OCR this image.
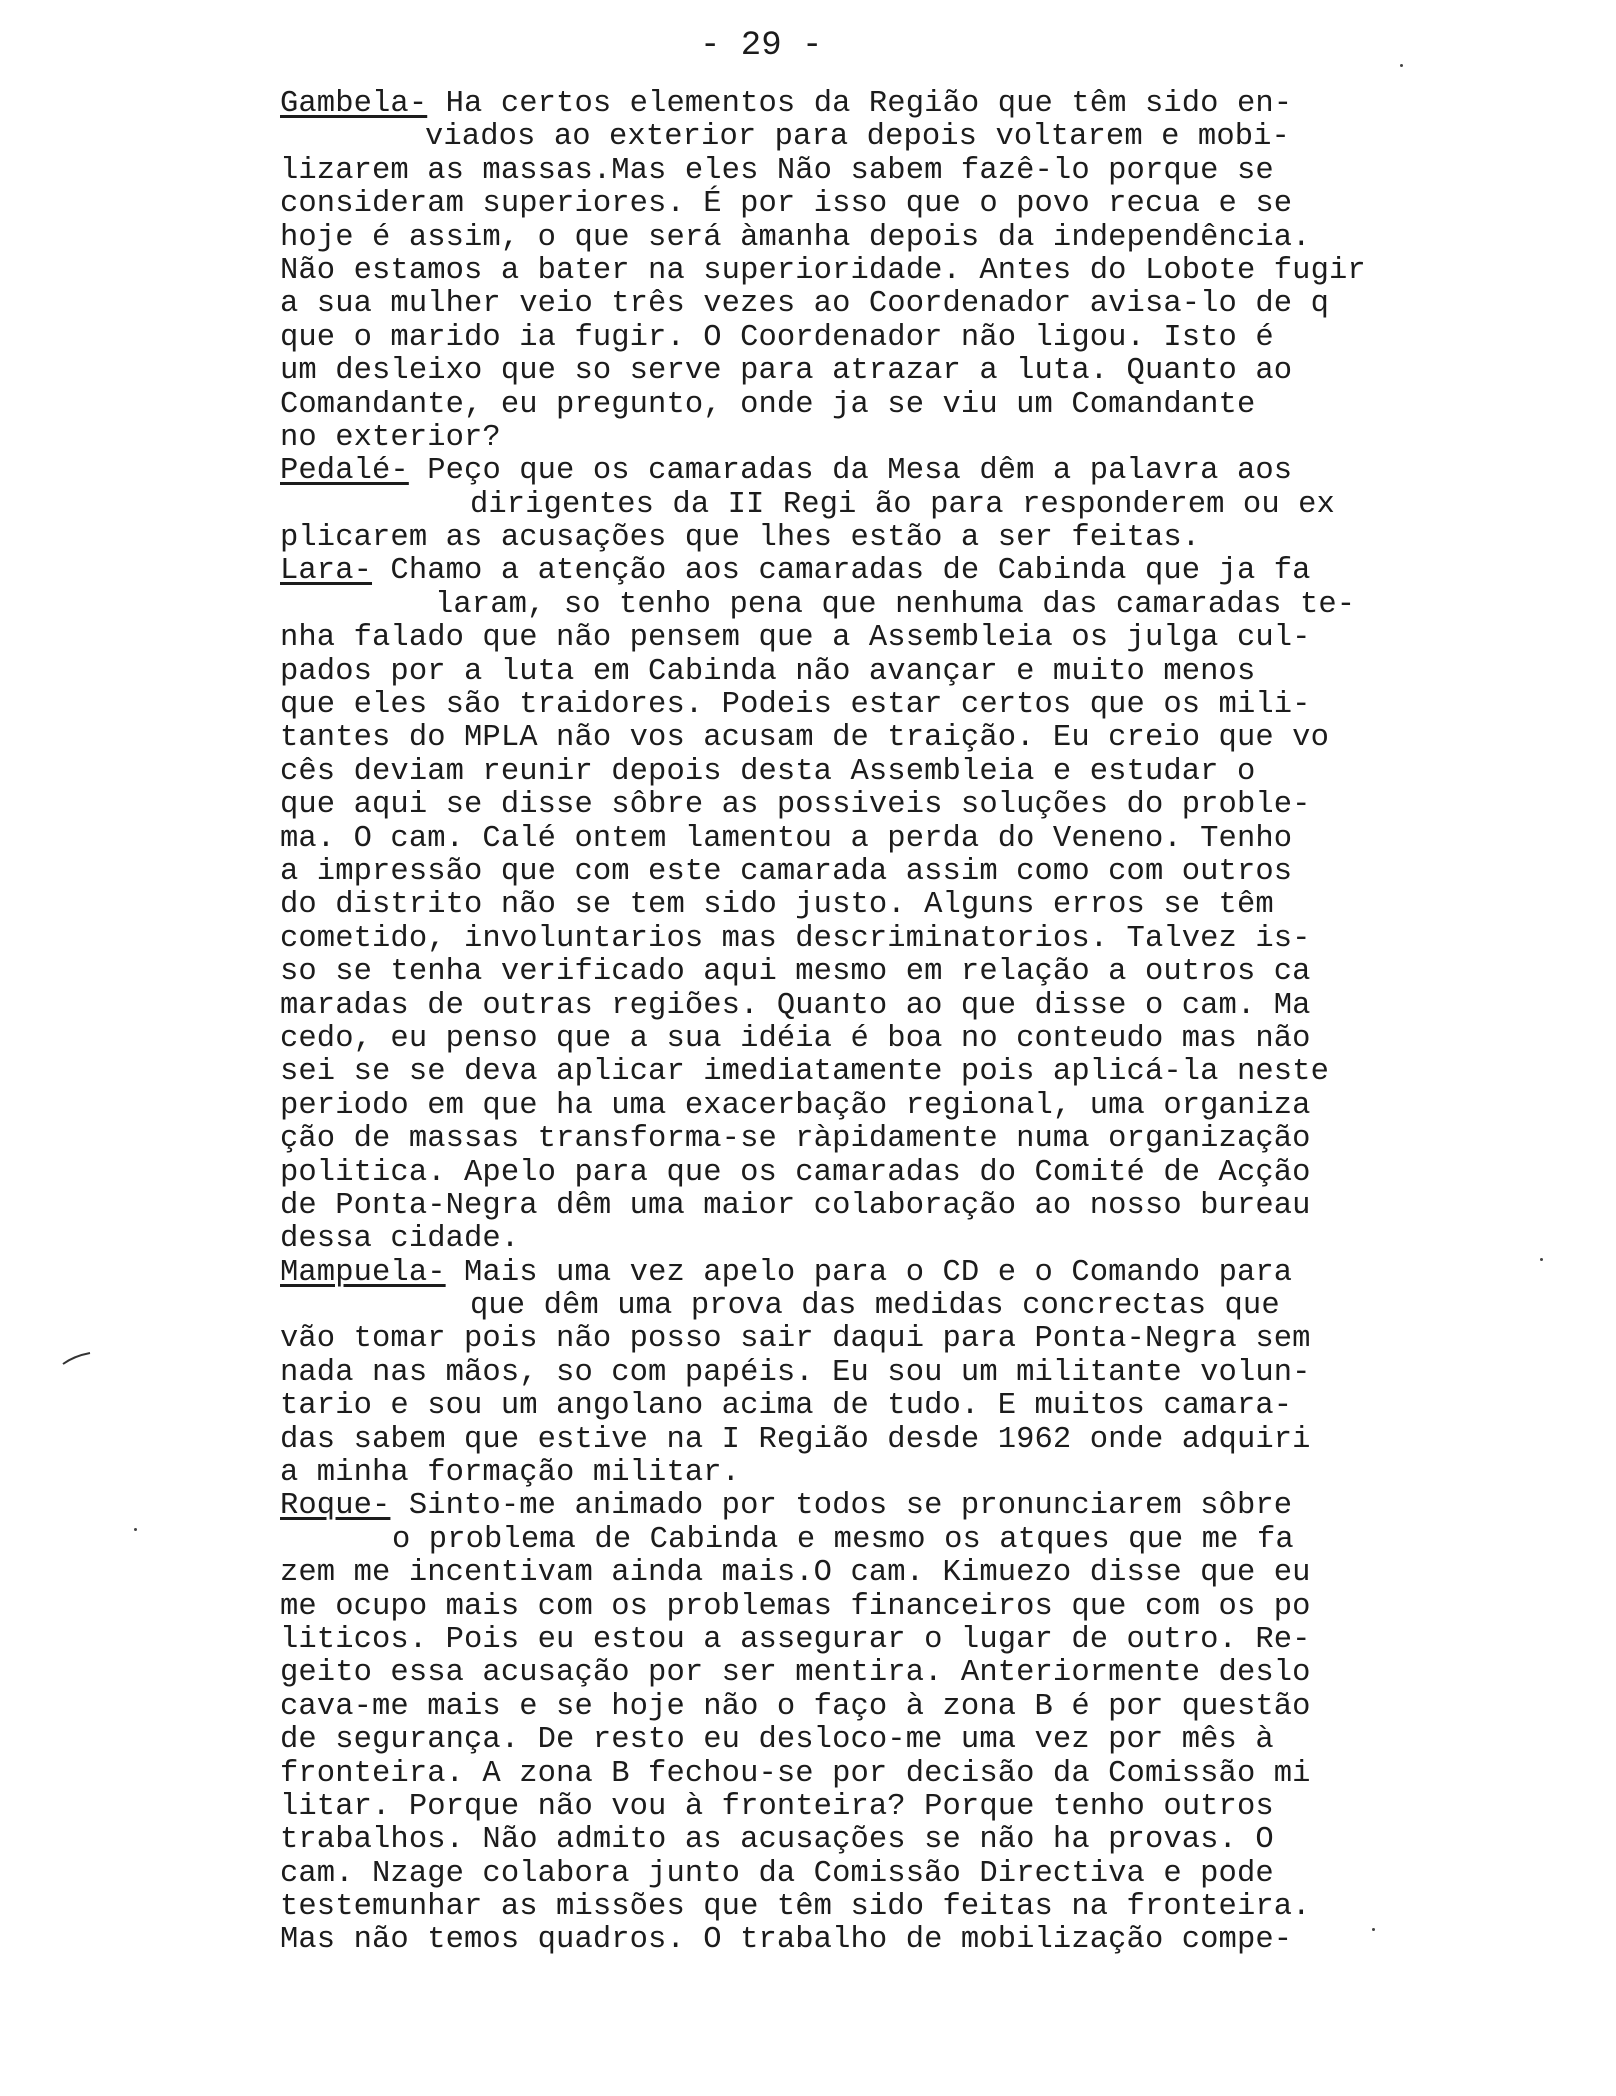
- 29 -
Gambela- Ha certos elementos da Região que têm sido en-
viados ao exterior para depois voltarem e mobi-
lizarem as massas.Mas eles Não sabem fazê-lo porque se
consideram superiores. É por isso que o povo recua e se
hoje é assim, o que será àmanha depois da independência.
Não estamos a bater na superioridade. Antes do Lobote fugir
a sua mulher veio três vezes ao Coordenador avisa-lo de q
que o marido ia fugir. O Coordenador não ligou. Isto é
um desleixo que so serve para atrazar a luta. Quanto ao
Comandante, eu pregunto, onde ja se viu um Comandante
no exterior?
Pedalé- Peço que os camaradas da Mesa dêm a palavra aos
dirigentes da II Regi ão para responderem ou ex
plicarem as acusações que lhes estão a ser feitas.
Lara- Chamo a atenção aos camaradas de Cabinda que ja fa
laram, so tenho pena que nenhuma das camaradas te-
nha falado que não pensem que a Assembleia os julga cul-
pados por a luta em Cabinda não avançar e muito menos
que eles são traidores. Podeis estar certos que os mili-
tantes do MPLA não vos acusam de traição. Eu creio que vo
cês deviam reunir depois desta Assembleia e estudar o
que aqui se disse sôbre as possiveis soluções do proble-
ma. O cam. Calé ontem lamentou a perda do Veneno. Tenho
a impressão que com este camarada assim como com outros
do distrito não se tem sido justo. Alguns erros se têm
cometido, involuntarios mas descriminatorios. Talvez is-
so se tenha verificado aqui mesmo em relação a outros ca
maradas de outras regiões. Quanto ao que disse o cam. Ma
cedo, eu penso que a sua idéia é boa no conteudo mas não
sei se se deva aplicar imediatamente pois aplicá-la neste
periodo em que ha uma exacerbação regional, uma organiza
ção de massas transforma-se ràpidamente numa organização
politica. Apelo para que os camaradas do Comité de Acção
de Ponta-Negra dêm uma maior colaboração ao nosso bureau
dessa cidade.
Mampuela- Mais uma vez apelo para o CD e o Comando para
que dêm uma prova das medidas concrectas que
vão tomar pois não posso sair daqui para Ponta-Negra sem
nada nas mãos, so com papéis. Eu sou um militante volun-
tario e sou um angolano acima de tudo. E muitos camara-
das sabem que estive na I Região desde 1962 onde adquiri
a minha formação militar.
Roque- Sinto-me animado por todos se pronunciarem sôbre
o problema de Cabinda e mesmo os atques que me fa
zem me incentivam ainda mais.O cam. Kimuezo disse que eu
me ocupo mais com os problemas financeiros que com os po
liticos. Pois eu estou a assegurar o lugar de outro. Re-
geito essa acusação por ser mentira. Anteriormente deslo
cava-me mais e se hoje não o faço à zona B é por questão
de segurança. De resto eu desloco-me uma vez por mês à
fronteira. A zona B fechou-se por decisão da Comissão mi
litar. Porque não vou à fronteira? Porque tenho outros
trabalhos. Não admito as acusações se não ha provas. O
cam. Nzage colabora junto da Comissão Directiva e pode
testemunhar as missões que têm sido feitas na fronteira.
Mas não temos quadros. O trabalho de mobilização compe-
